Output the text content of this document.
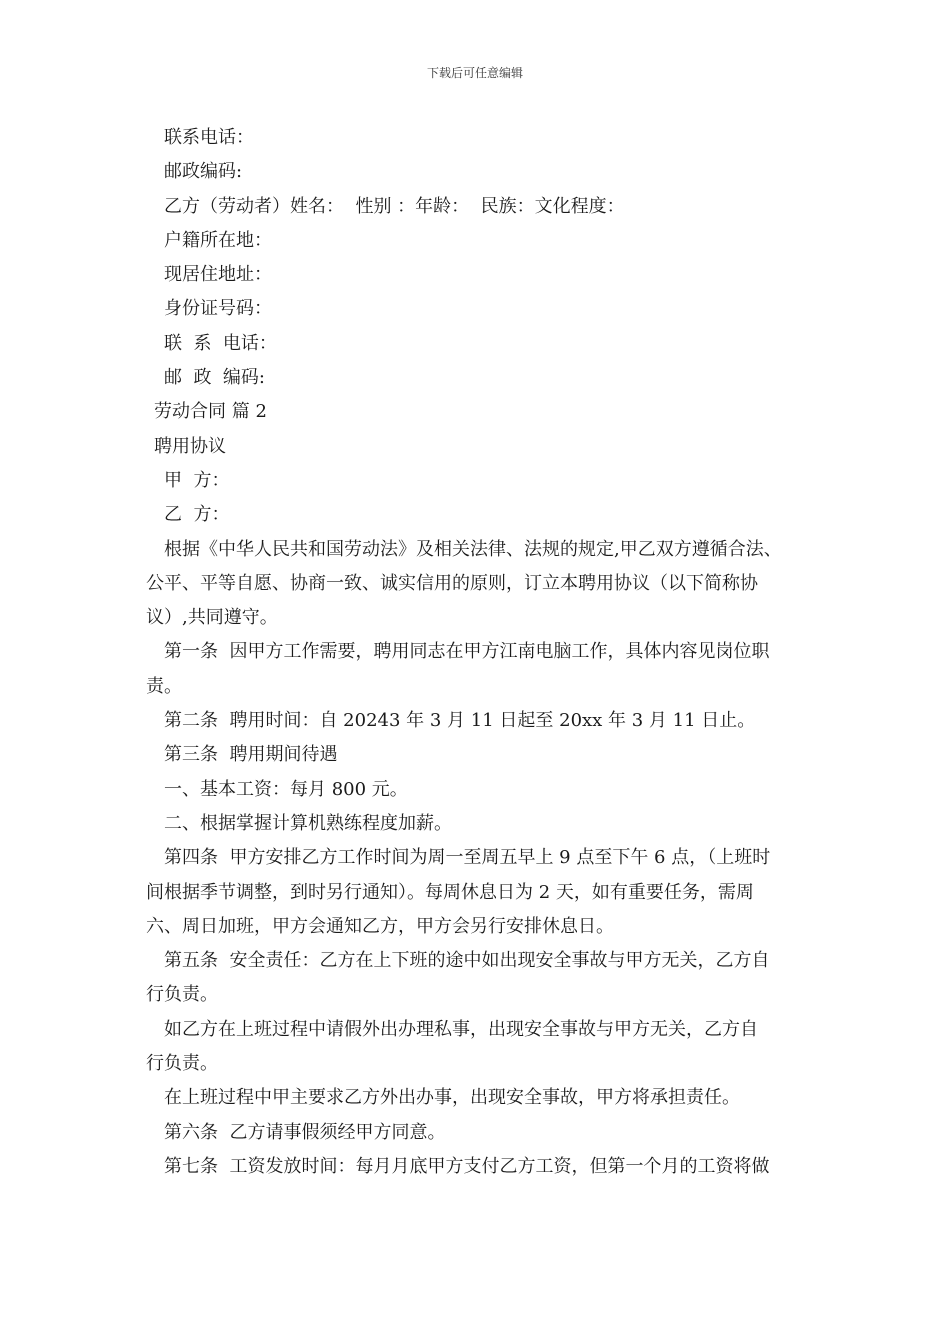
下载后可任意编辑

联系电话：

邮政编码:

乙方（劳动者）姓名：  性别 ：年龄：  民族：文化程度：

户籍所在地：

现居住地址：

身份证号码：

联  系  电话：

邮  政  编码:

劳动合同 篇 2

聘用协议

甲  方：

乙  方：

根据《中华人民共和国劳动法》及相关法律、法规的规定,甲乙双方遵循合法、

公平、平等自愿、协商一致、诚实信用的原则，订立本聘用协议（以下简称协

议）,共同遵守。

第一条  因甲方工作需要，聘用同志在甲方江南电脑工作，具体内容见岗位职

责。

第二条  聘用时间：自 20243 年 3 月 11 日起至 20xx 年 3 月 11 日止。

第三条  聘用期间待遇

一、基本工资：每月 800 元。

二、根据掌握计算机熟练程度加薪。

第四条  甲方安排乙方工作时间为周一至周五早上 9 点至下午 6 点，（上班时

间根据季节调整，到时另行通知）。每周休息日为 2 天，如有重要任务，需周

六、周日加班，甲方会通知乙方，甲方会另行安排休息日。

第五条  安全责任：乙方在上下班的途中如出现安全事故与甲方无关，乙方自

行负责。

如乙方在上班过程中请假外出办理私事，出现安全事故与甲方无关，乙方自

行负责。

在上班过程中甲主要求乙方外出办事，出现安全事故，甲方将承担责任。

第六条  乙方请事假须经甲方同意。

第七条  工资发放时间：每月月底甲方支付乙方工资，但第一个月的工资将做
